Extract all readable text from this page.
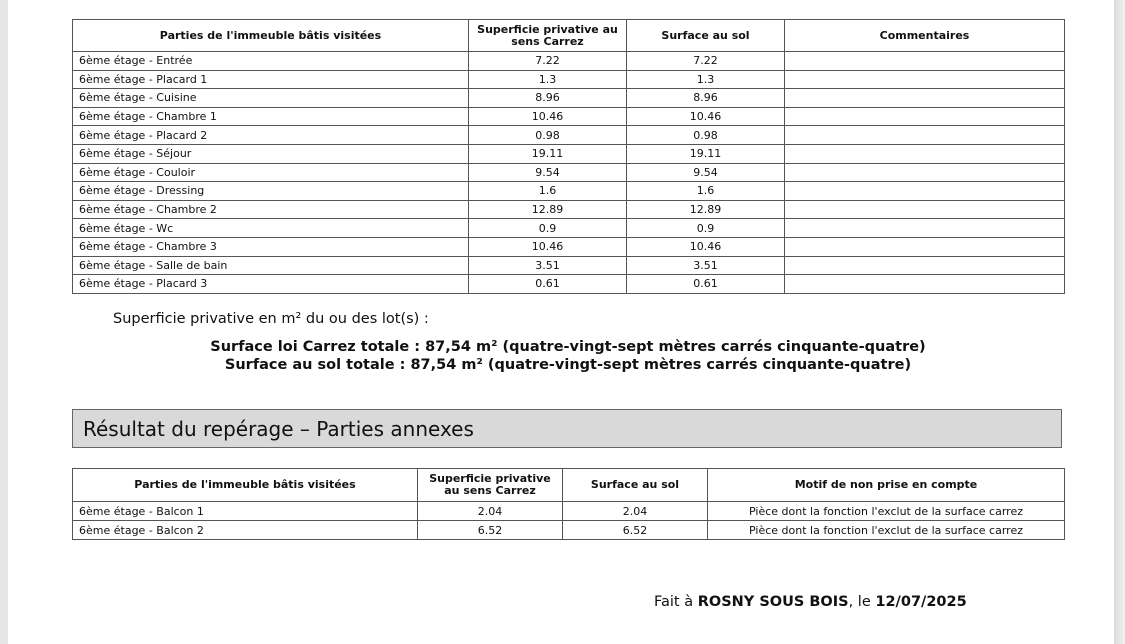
Parties de l'immeuble bâtis visitées	Superficie privative au sens Carrez	Surface au sol	Commentaires
6ème étage - Entrée	7.22	7.22	
6ème étage - Placard 1	1.3	1.3	
6ème étage - Cuisine	8.96	8.96	
6ème étage - Chambre 1	10.46	10.46	
6ème étage - Placard 2	0.98	0.98	
6ème étage - Séjour	19.11	19.11	
6ème étage - Couloir	9.54	9.54	
6ème étage - Dressing	1.6	1.6	
6ème étage - Chambre 2	12.89	12.89	
6ème étage - Wc	0.9	0.9	
6ème étage - Chambre 3	10.46	10.46	
6ème étage - Salle de bain	3.51	3.51	
6ème étage - Placard 3	0.61	0.61	
Superficie privative en m² du ou des lot(s) :
Surface loi Carrez totale : 87,54 m² (quatre-vingt-sept mètres carrés cinquante-quatre)
Surface au sol totale : 87,54 m² (quatre-vingt-sept mètres carrés cinquante-quatre)
Résultat du repérage – Parties annexes
Parties de l'immeuble bâtis visitées	Superficie privative au sens Carrez	Surface au sol	Motif de non prise en compte
6ème étage - Balcon 1	2.04	2.04	Pièce dont la fonction l'exclut de la surface carrez
6ème étage - Balcon 2	6.52	6.52	Pièce dont la fonction l'exclut de la surface carrez
Fait à ROSNY SOUS BOIS, le 12/07/2025
